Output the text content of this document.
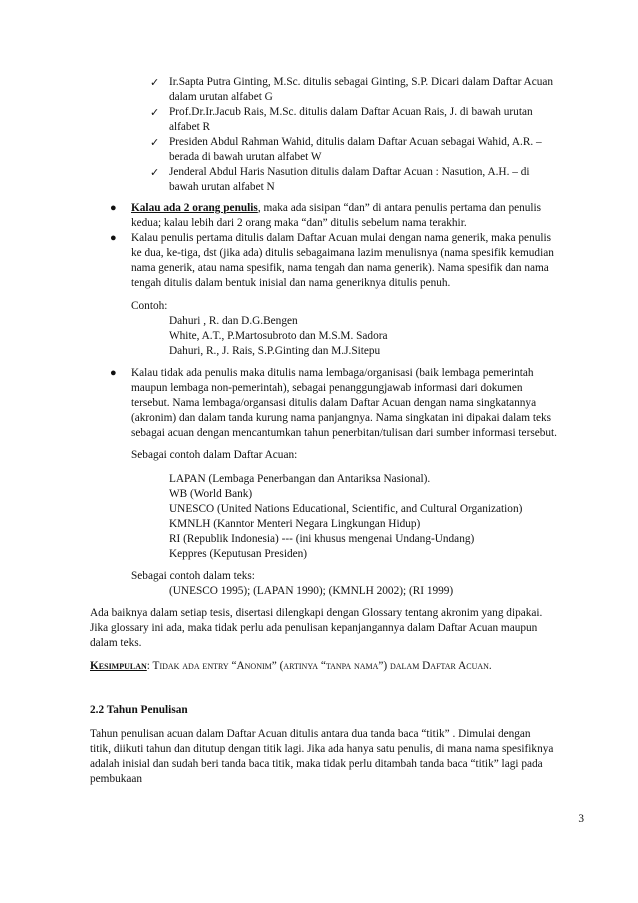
✓ Ir.Sapta Putra Ginting, M.Sc. ditulis sebagai Ginting, S.P. Dicari dalam Daftar Acuan
dalam urutan alfabet G
✓ Prof.Dr.Ir.Jacub Rais, M.Sc. ditulis dalam Daftar Acuan Rais, J. di bawah urutan
alfabet R
✓ Presiden Abdul Rahman Wahid, ditulis dalam Daftar Acuan sebagai Wahid, A.R. –
berada di bawah urutan alfabet W
✓ Jenderal Abdul Haris Nasution ditulis dalam Daftar Acuan : Nasution, A.H. – di
bawah urutan alfabet N
● Kalau ada 2 orang penulis, maka ada sisipan “dan” di antara penulis pertama dan penulis
kedua; kalau lebih dari 2 orang maka “dan” ditulis sebelum nama terakhir.
● Kalau penulis pertama ditulis dalam Daftar Acuan mulai dengan nama generik, maka penulis
ke dua, ke-tiga, dst (jika ada) ditulis sebagaimana lazim menulisnya (nama spesifik kemudian
nama generik, atau nama spesifik, nama tengah dan nama generik). Nama spesifik dan nama
tengah ditulis dalam bentuk inisial dan nama generiknya ditulis penuh.
Contoh:
Dahuri , R. dan D.G.Bengen
White, A.T., P.Martosubroto dan M.S.M. Sadora
Dahuri, R., J. Rais, S.P.Ginting dan M.J.Sitepu
● Kalau tidak ada penulis maka ditulis nama lembaga/organisasi (baik lembaga pemerintah
maupun lembaga non-pemerintah), sebagai penanggungjawab informasi dari dokumen
tersebut. Nama lembaga/organsasi ditulis dalam Daftar Acuan dengan nama singkatannya
(akronim) dan dalam tanda kurung nama panjangnya. Nama singkatan ini dipakai dalam teks
sebagai acuan dengan mencantumkan tahun penerbitan/tulisan dari sumber informasi tersebut.
Sebagai contoh dalam Daftar Acuan:
LAPAN (Lembaga Penerbangan dan Antariksa Nasional).
WB (World Bank)
UNESCO (United Nations Educational, Scientific, and Cultural Organization)
KMNLH (Kanntor Menteri Negara Lingkungan Hidup)
RI (Republik Indonesia) --- (ini khusus mengenai Undang-Undang)
Keppres (Keputusan Presiden)
Sebagai contoh dalam teks:
(UNESCO 1995); (LAPAN 1990); (KMNLH 2002); (RI 1999)
Ada baiknya dalam setiap tesis, disertasi dilengkapi dengan Glossary tentang akronim yang dipakai.
Jika glossary ini ada, maka tidak perlu ada penulisan kepanjangannya dalam Daftar Acuan maupun
dalam teks.
Kesimpulan: Tidak ada entry “Anonim” (artinya “tanpa nama”) dalam Daftar Acuan.
2.2 Tahun Penulisan
Tahun penulisan acuan dalam Daftar Acuan ditulis antara dua tanda baca “titik” . Dimulai dengan
titik, diikuti tahun dan ditutup dengan titik lagi. Jika ada hanya satu penulis, di mana nama spesifiknya
adalah inisial dan sudah beri tanda baca titik, maka tidak perlu ditambah tanda baca “titik” lagi pada
pembukaan
3
